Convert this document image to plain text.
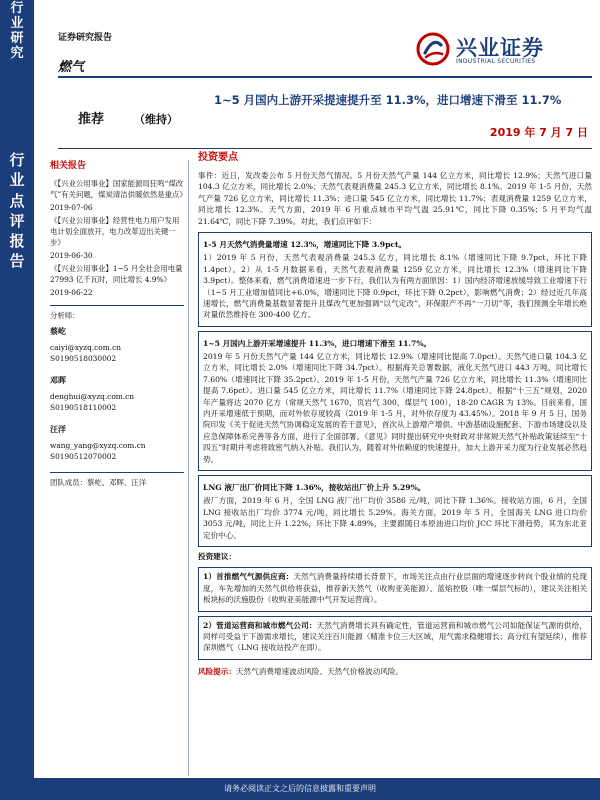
行
业
研
究
行
业
点
评
报
告
证券研究报告
燃气
兴业证券
INDUSTRIAL SECURITIES
1~5 月国内上游开采提速提升至 11.3%，进口增速下滑至 11.7%
推荐	（维持）
2019 年 7 月 7 日
相关报告
《【兴业公用事业】国家能源局狂鸣“煤改气”有关问题，煤炭清洁供暖依然是重点》
2019-07-06
《【兴业公用事业】经营性电力用户发用电计划全面放开，电力改革迈出关键一步》
2019-06-30
《【兴业公用事业】1~5 月全社会用电量 27993 亿千瓦时，同比增长 4.9%》
2019-06-22
分析师：
蔡屹
caiyi@xyzq.com.cn
S0190518030002
邓晖
denghui@xyzq.com.cn
S0190518110002
汪洋
wang_yang@xyzq.com.cn
S0190512070002
团队成员：蔡屹、邓晖、汪洋
投资要点

事件：近日，发改委公布 5 月份天然气情况。5 月份天然气产量 144 亿立方米，同比增长 12.9%；天然气进口量 104.3 亿立方米，同比增长 2.0%；天然气表观消费量 245.3 亿立方米，同比增长 8.1%。2019 年 1-5 月份，天然气产量 726 亿立方米，同比增长 11.3%；进口量 545 亿立方米，同比增长 11.7%；表观消费量 1259 亿立方米，同比增长 12.3%。天气方面，2019 年 6 月重点城市平均气温 25.91℃，同比下降 0.35%；5 月平均气温 21.64℃，同比下降 7.39%。对此，我们点评如下：

1-5 月天然气消费量增速 12.3%，增速同比下降 3.9pct。

1）2019 年 5 月份，天然气表观消费量 245.3 亿方，同比增长 8.1%（增速同比下降 9.7pct，环比下降 1.4pct）。2）从 1-5 月数据来看，天然气表观消费量 1259 亿立方米，同比增长 12.3%（增速同比下降 3.9pct）。整体来看，燃气消费增速进一步下行，我们认为有两方面原因：1）国内经济增速放缓导致工业增速下行（1~5 月工业增加值同比+6.0%，增速同比下降 0.9pct，环比下降 0.2pct），影响燃气消费；2）经过近几年高速增长，燃气消费量基数显著提升且煤改气更加强调“以气定改”，环保限产不再“一刀切”等，我们预测全年增长绝对量依然维持在 300-400 亿方。

1~5 月国内上游开采增速提升 11.3%，进口增速下滑至 11.7%。

2019 年 5 月份天然气产量 144 亿立方米，同比增长 12.9%（增速同比提高 7.0pct）。天然气进口量 104.3 亿立方米，同比增长 2.0%（增速同比下降 34.7pct）。根据海关总署数据，液化天然气进口 443 万吨，同比增长 7.60%（增速同比下降 35.2pct）。2019 年 1-5 月份，天然气产量 726 亿立方米，同比增长 11.3%（增速同比提高 7.6pct）。进口量 545 亿立方米，同比增长 11.7%（增速同比下降 24.8pct）。根据“十三五”规划，2020 年产量将达 2070 亿方（常规天然气 1670，页岩气 300，煤层气 100），18-20 CAGR 为 13%。目前来看，国内开采增速低于预期，而对外依存度较高（2019 年 1-5 月，对外依存度为 43.45%）。2018 年 9 月 5 日，国务院印发《关于促进天然气协调稳定发展的若干意见》，首次从上游增产增供、中游基础设施配套、下游市场建设以及应急保障体系完善等各方面，进行了全面部署。《意见》同时提出研究中央财政对非常规天然气补贴政策延续至“十四五”时期并考虑将致密气纳入补贴。我们认为，随着对外依赖度的快速提升，加大上游开采力度为行业发展必然趋势。

LNG 液厂出厂价同比下降 1.36%，接收站出厂价上升 5.29%。

液厂方面，2019 年 6 月，全国 LNG 液厂出厂均价 3586 元/吨，同比下降 1.36%。接收站方面，6 月，全国 LNG 接收站出厂均价 3774 元/吨，同比增长 5.29%。海关方面，2019 年 5 月，全国海关 LNG 进口均价 3053 元/吨，同比上升 1.22%，环比下降 4.89%，主要跟随日本原油进口均价 JCC 环比下滑趋势，其为东北亚定价中心。

投资建议：

1）首推燃气气源供应商：天然气消费量持续增长背景下，市场关注点由行业层面的增速逐步转向个股业绩的兑现度，车先增加的天然气供给将获益，推荐新天然气（收购亚美能源）、蓝焰控股（唯一煤层气标的），建议关注相关板块标的沃施股份（收购亚美能源中气开发运营商）。

2）管道运营商和城市燃气公司：天然气消费增长具有确定性，管道运营商和城市燃气公司如能保证气源的供给，同样可受益于下游需求增长，建议关注百川能源（精准卡位三大区域，用气需求稳健增长；高分红有望延续），推荐深圳燃气（LNG 接收站投产在即）。

风险提示：天然气消费增速波动风险、天然气价格波动风险。

请务必阅读正文之后的信息披露和重要声明
